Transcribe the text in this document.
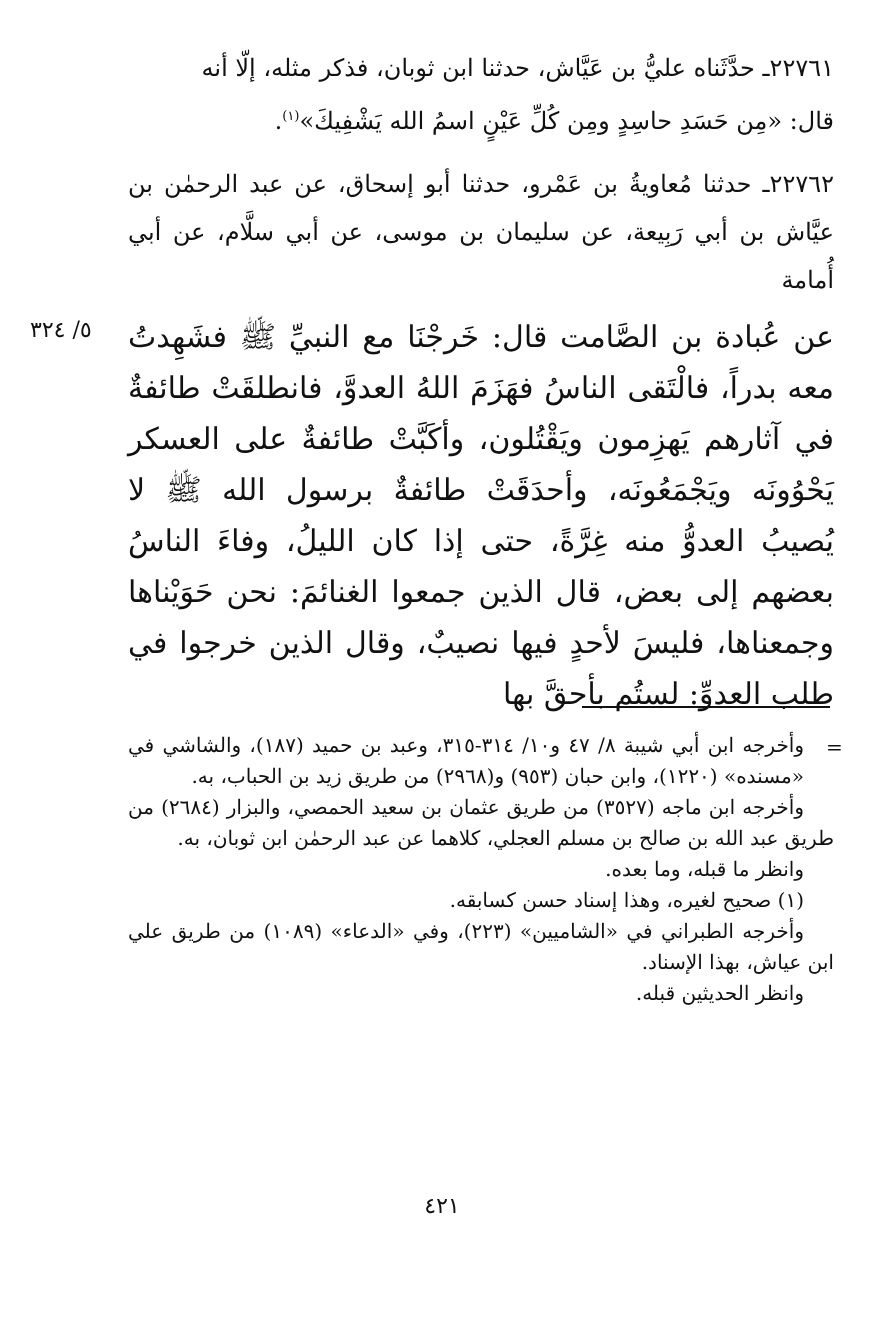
٢٢٧٦١ـ حدَّثَناه عليُّ بن عَيَّاش، حدثنا ابن ثوبان، فذكر مثله، إلّا أنه
قال: «مِن حَسَدِ حاسِدٍ ومِن كُلِّ عَيْنٍ اسمُ الله يَشْفِيكَ»$^{(١)}$.
٢٢٧٦٢ـ حدثنا مُعاويةُ بن عَمْرو، حدثنا أبو إسحاق، عن عبد الرحمٰن بن عيَّاش بن أبي رَبِيعة، عن سليمان بن موسى، عن أبي سلَّام، عن أبي أُمامة
٥/ ٣٢٤ عن عُبادة بن الصَّامت قال: خَرجْنَا مع النبيِّ ﷺ فشَهِدتُ معه بدراً، فالْتَقى الناسُ فهَزَمَ اللهُ العدوَّ، فانطلقَتْ طائفةٌ في آثارهم يَهزِمون ويَقْتُلون، وأكَبَّتْ طائفةٌ على العسكر يَحْوُونَه ويَجْمَعُونَه، وأحدَقَتْ طائفةٌ برسول الله ﷺ لا يُصيبُ العدوُّ منه غِرَّةً، حتى إذا كان الليلُ، وفاءَ الناسُ بعضهم إلى بعض، قال الذين جمعوا الغنائمَ: نحن حَوَيْناها وجمعناها، فليسَ لأحدٍ فيها نصيبٌ، وقال الذين خرجوا في طلب العدوِّ: لستُم بأحقَّ بها
=
وأخرجه ابن أبي شيبة ٨/ ٤٧ و١٠/ ٣١٤-٣١٥، وعبد بن حميد (١٨٧)، والشاشي في «مسنده» (١٢٢٠)، وابن حبان (٩٥٣) و(٢٩٦٨) من طريق زيد بن الحباب، به.
وأخرجه ابن ماجه (٣٥٢٧) من طريق عثمان بن سعيد الحمصي، والبزار (٢٦٨٤) من طريق عبد الله بن صالح بن مسلم العجلي، كلاهما عن عبد الرحمٰن ابن ثوبان، به.
وانظر ما قبله، وما بعده.
(١) صحيح لغيره، وهذا إسناد حسن كسابقه.
وأخرجه الطبراني في «الشاميين» (٢٢٣)، وفي «الدعاء» (١٠٨٩) من طريق علي ابن عياش، بهذا الإسناد.
وانظر الحديثين قبله.
٤٢١
